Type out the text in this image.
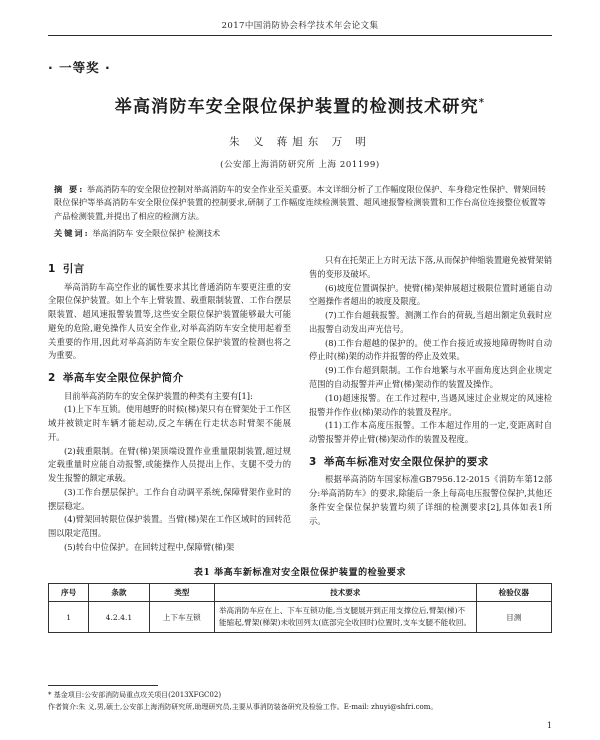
2017中国消防协会科学技术年会论文集
· 一等奖 ·
举高消防车安全限位保护装置的检测技术研究*
朱 义 蒋旭东 万 明
(公安部上海消防研究所 上海 201199)
摘 要: 举高消防车的安全限位控制对举高消防车的安全作业至关重要。本文详细分析了工作幅度限位保护、车身稳定性保护、臂架回转限位保护等举高消防车安全限位保护装置的控制要求,研制了工作幅度连续检测装置、超风速报警检测装置和工作台高位连接整位板置等产品检测装置,并提出了相应的检测方法。
关键词: 举高消防车 安全限位保护 检测技术
1 引言

举高消防车高空作业的属性要求其比普通消防车要更注重的安全限位保护装置。如上个车上臂装置、载重限制装置、工作台摆层限装置、超风速报警装置等,这些安全限位保护装置能够最大可能避免的危险,避免操作人员安全作业,对举高消防车安全使用起着至关重要的作用,因此对举高消防车安全限位保护装置的检测也将之为重要。

2 举高车安全限位保护简介

目前举高消防车的安全保护装置的种类有主要有[1]:

(1)上下车互锁。使用越野的时候(梯)架只有在臂架处于工作区域并被锁定时车辆才能起动,反之车辆在行走状态时臂架不能展开。

(2)载重限制。在臂(梯)架顶端设置作业重量限制装置,超过规定载重量时应能自动报警,或能操作人员提出上作、支腿不受力的发生报警的额定承载。

(3)工作台摆层保护。工作台自动调平系统,保障臂架作业时的摆层稳定。

(4)臂架回转限位保护装置。当臂(梯)架在工作区域时的回转范围以限定范围。

(5)转台中位保护。在回转过程中,保障臂(梯)架

只有在托架正上方时无法下落,从而保护伸缩装置避免被臂架销售的变形及破坏。

(6)坡度位置调保护。使臂(梯)架伸展超过极限位置时通能自动空遏操作者超出的坡度及限度。

(7)工作台超载报警。测测工作台的荷载,当超出额定负载时应出报警自动发出声光信号。

(8)工作台超越的保护的。使工作台接近或接地障碍物时自动停止时(梯)架的动作并报警的停止及效果。

(9)工作台超到限制。工作台地繁与水平面角度达到企业规定范围的自动报警并声止臂(梯)架动作的装置及操作。

(10)超速报警。在工作过程中,当遇风速过企业规定的风速检报警并作作业(梯)架动作的装置及程序。

(11)工作本高度压报警。工作本超过作用的一定,变距离时自动警报警并停止臂(梯)架动作的装置及程度。

3 举高车标准对安全限位保护的要求

根据举高消防车国家标准GB7956.12-2015《消防车第12部分:举高消防车》的要求,除能后一条上每高电压报警位保护,其他还条件安全保位保护装置均须了详细的检测要求[2],具体如表1所示。

表1 举高车新标准对安全限位保护装置的检验要求
序号	条款	类型	技术要求	检验仪器
1	4.2.4.1	上下车互锁	举高消防车应在上、下车互锁功能,当支腿展开到正用支撑位后,臂架(梯)不能缩起,臂架(梯架)未收回列太(底部完全收回时)位置时,支车支腿不能收回。	目测

* 基金项目:公安部消防局重点攻关项目(2013XFGC02)

作者简介:朱 义,男,硕士,公安部上海消防研究所,助理研究员,主要从事消防装备研究及检验工作。E-mail: zhuyi@shfri.com。

1
